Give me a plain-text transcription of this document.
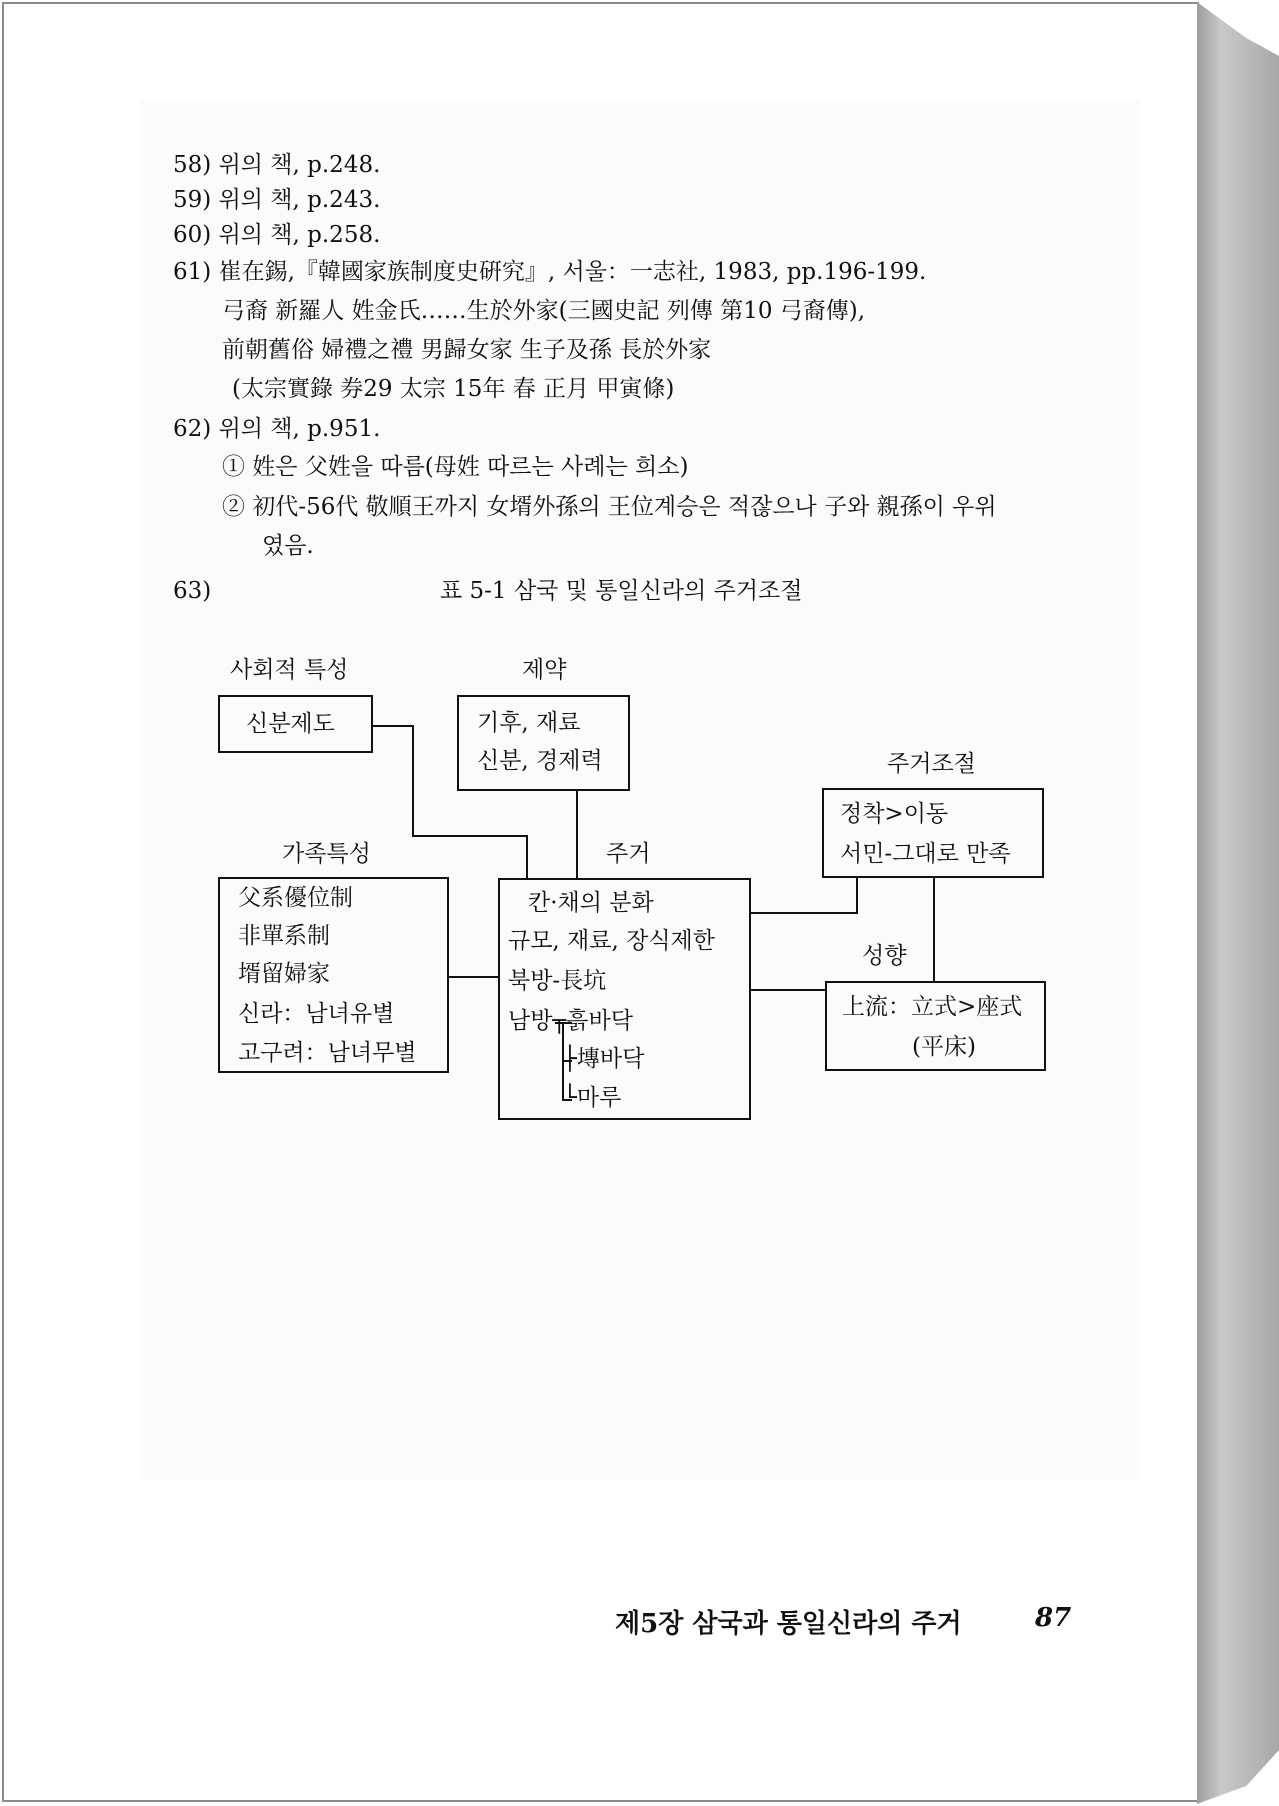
58) 위의 책, p.248.
59) 위의 책, p.243.
60) 위의 책, p.258.
61) 崔在錫,『韓國家族制度史硏究』, 서울：一志社, 1983, pp.196-199.
弓裔 新羅人 姓金氏……生於外家(三國史記 列傳 第10 弓裔傳),
前朝舊俗 婦禮之禮 男歸女家 生子及孫 長於外家
(太宗實錄 券29 太宗 15年 春 正月 甲寅條)
62) 위의 책, p.951.
① 姓은 父姓을 따름(母姓 따르는 사례는 희소)
② 初代-56代 敬順王까지 女壻外孫의 王位계승은 적잖으나 子와 親孫이 우위
였음.
63)	표 5-1 삼국 및 통일신라의 주거조절
사회적 특성
신분제도
제약
기후, 재료
신분, 경제력	주거조절
정착>이동
서민-그대로 만족
가족특성
父系優位制
非單系制
壻留婦家
신라：남녀유별
고구려：남녀무별
주거
칸·채의 분화
규모, 재료, 장식제한
북방-長坑
남방┬흙바닥
├塼바닥
└마루
성향
上流：立式>座式
(平床)
제5장 삼국과 통일신라의 주거	87
